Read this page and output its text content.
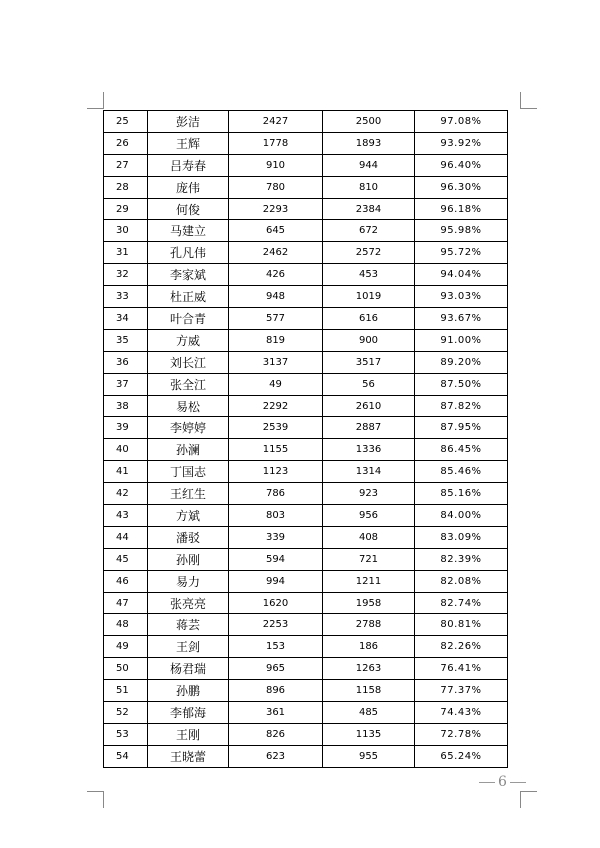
25	彭洁	2427	2500	97.08%
26	王辉	1778	1893	93.92%
27	吕寿春	910	944	96.40%
28	庞伟	780	810	96.30%
29	何俊	2293	2384	96.18%
30	马建立	645	672	95.98%
31	孔凡伟	2462	2572	95.72%
32	李家斌	426	453	94.04%
33	杜正威	948	1019	93.03%
34	叶合青	577	616	93.67%
35	方威	819	900	91.00%
36	刘长江	3137	3517	89.20%
37	张全江	49	56	87.50%
38	易松	2292	2610	87.82%
39	李婷婷	2539	2887	87.95%
40	孙澜	1155	1336	86.45%
41	丁国志	1123	1314	85.46%
42	王红生	786	923	85.16%
43	方斌	803	956	84.00%
44	潘驳	339	408	83.09%
45	孙刚	594	721	82.39%
46	易力	994	1211	82.08%
47	张亮亮	1620	1958	82.74%
48	蒋芸	2253	2788	80.81%
49	王剑	153	186	82.26%
50	杨君瑞	965	1263	76.41%
51	孙鹏	896	1158	77.37%
52	李郁海	361	485	74.43%
53	王刚	826	1135	72.78%
54	王晓蕾	623	955	65.24%
6
